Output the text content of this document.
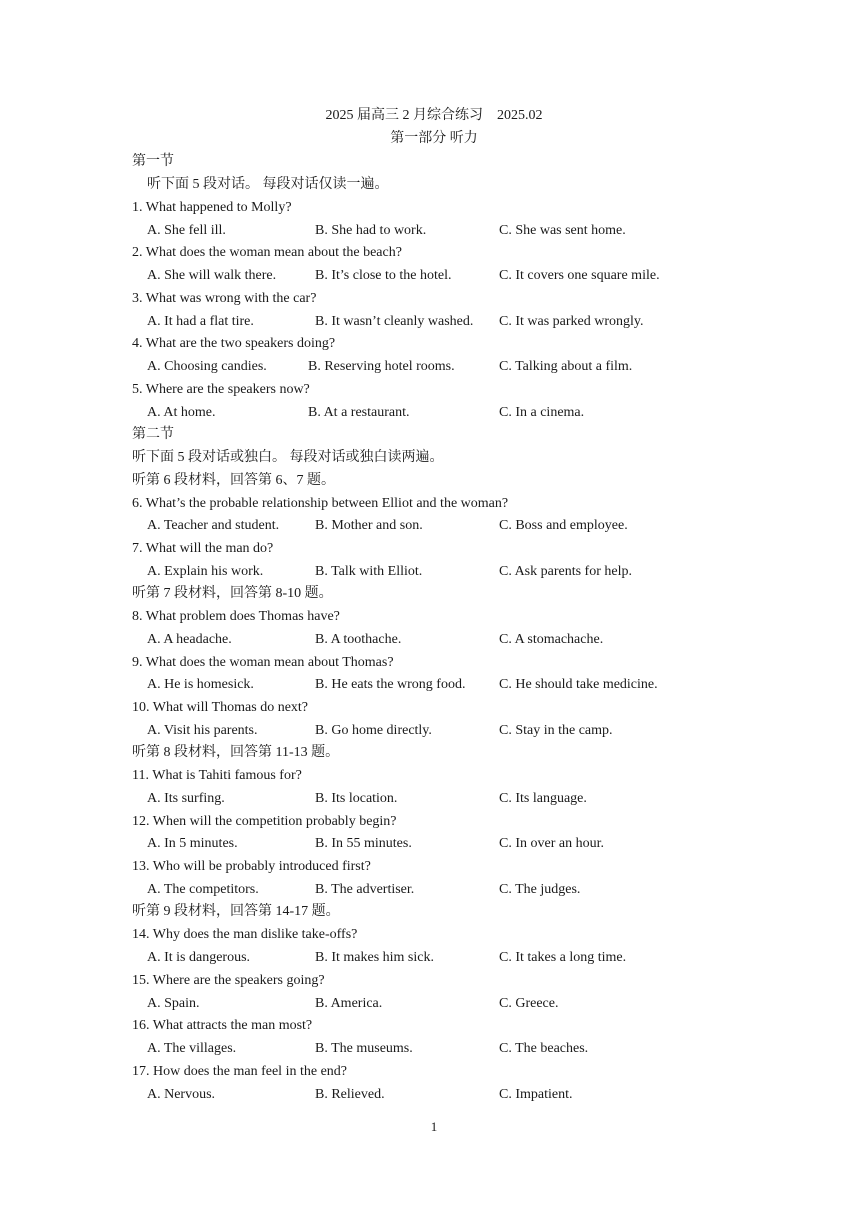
2025 届高三 2 月综合练习　2025.02
第一部分 听力
第一节
听下面 5 段对话。 每段对话仅读一遍。
1. What happened to Molly?
A. She fell ill.	B. She had to work.	C. She was sent home.
2. What does the woman mean about the beach?
A. She will walk there.	B. It’s close to the hotel.	C. It covers one square mile.
3. What was wrong with the car?
A. It had a flat tire.	B. It wasn’t cleanly washed. C. It was parked wrongly.
4. What are the two speakers doing?
A. Choosing candies.	B. Reserving hotel rooms.	C. Talking about a film.
5. Where are the speakers now?
A. At home.	B. At a restaurant.	C. In a cinema.
第二节
听下面 5 段对话或独白。 每段对话或独白读两遍。
听第 6 段材料，回答第 6、7 题。
6. What’s the probable relationship between Elliot and the woman?
A. Teacher and student.	B. Mother and son.	C. Boss and employee.
7. What will the man do?
A. Explain his work.	B. Talk with Elliot.	C. Ask parents for help.
听第 7 段材料，回答第 8-10 题。
8. What problem does Thomas have?
A. A headache.	B. A toothache.	C. A stomachache.
9. What does the woman mean about Thomas?
A. He is homesick.	B. He eats the wrong food. C. He should take medicine.
10. What will Thomas do next?
A. Visit his parents.	B. Go home directly.	C. Stay in the camp.
听第 8 段材料，回答第 11-13 题。
11. What is Tahiti famous for?
A. Its surfing.	B. Its location.	C. Its language.
12. When will the competition probably begin?
A. In 5 minutes.	B. In 55 minutes.	C. In over an hour.
13. Who will be probably introduced first?
A. The competitors.	B. The advertiser.	C. The judges.
听第 9 段材料，回答第 14-17 题。
14. Why does the man dislike take-offs?
A. It is dangerous.	B. It makes him sick.	C. It takes a long time.
15. Where are the speakers going?
A. Spain.	B. America.	C. Greece.
16. What attracts the man most?
A. The villages.	B. The museums.	C. The beaches.
17. How does the man feel in the end?
A. Nervous.	B. Relieved.	C. Impatient.
1
